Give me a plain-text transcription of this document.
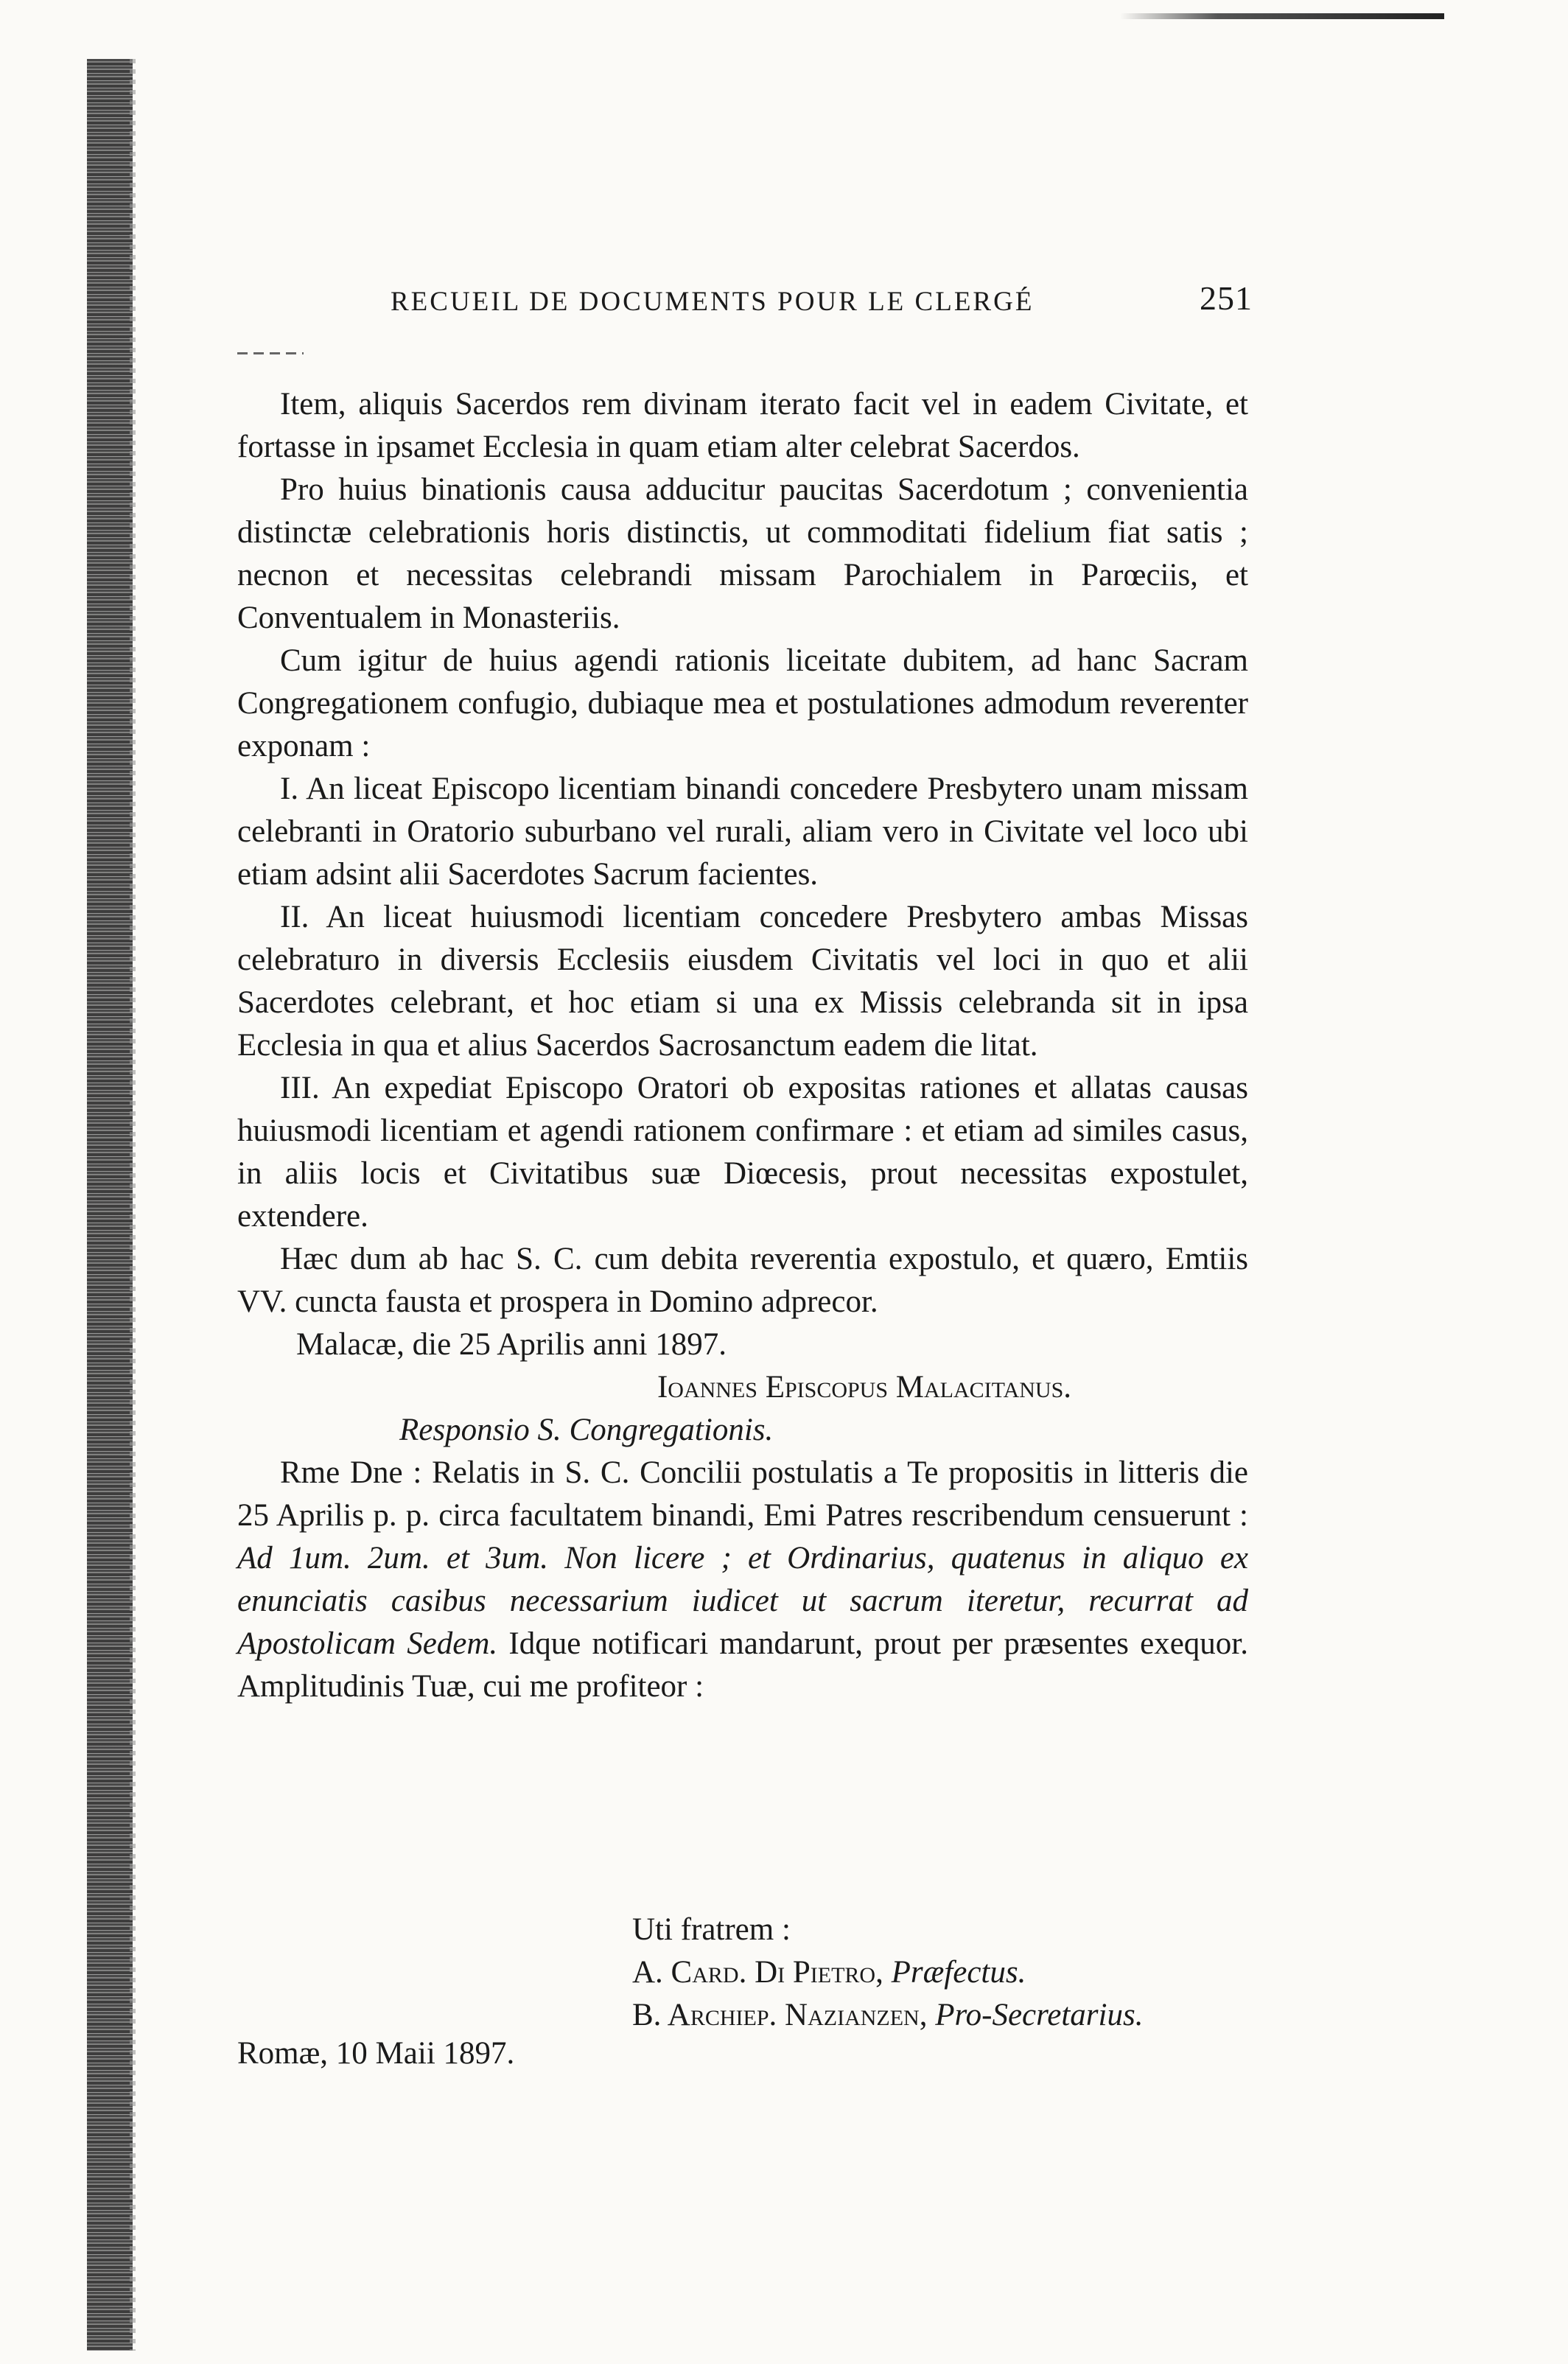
RECUEIL DE DOCUMENTS POUR LE CLERGÉ	251

Item, aliquis Sacerdos rem divinam iterato facit vel in eadem Civitate, et fortasse in ipsamet Ecclesia in quam etiam alter celebrat Sacerdos.

Pro huius binationis causa adducitur paucitas Sacerdotum ; convenientia distinctæ celebrationis horis distinctis, ut commoditati fidelium fiat satis ; necnon et necessitas celebrandi missam Parochialem in Parœciis, et Conventualem in Monasteriis.

Cum igitur de huius agendi rationis liceitate dubitem, ad hanc Sacram Congregationem confugio, dubiaque mea et postulationes admodum reverenter exponam :

I. An liceat Episcopo licentiam binandi concedere Presbytero unam missam celebranti in Oratorio suburbano vel rurali, aliam vero in Civitate vel loco ubi etiam adsint alii Sacerdotes Sacrum facientes.

II. An liceat huiusmodi licentiam concedere Presbytero ambas Missas celebraturo in diversis Ecclesiis eiusdem Civitatis vel loci in quo et alii Sacerdotes celebrant, et hoc etiam si una ex Missis celebranda sit in ipsa Ecclesia in qua et alius Sacerdos Sacrosanctum eadem die litat.

III. An expediat Episcopo Oratori ob expositas rationes et allatas causas huiusmodi licentiam et agendi rationem confirmare : et etiam ad similes casus, in aliis locis et Civitatibus suæ Diœcesis, prout necessitas expostulet, extendere.

Hæc dum ab hac S. C. cum debita reverentia expostulo, et quæro, Emtiis VV. cuncta fausta et prospera in Domino adprecor.

Malacæ, die 25 Aprilis anni 1897.

Ioannes Episcopus Malacitanus.

Responsio S. Congregationis.

Rme Dne : Relatis in S. C. Concilii postulatis a Te propositis in litteris die 25 Aprilis p. p. circa facultatem binandi, Emi Patres rescribendum censuerunt : Ad 1um. 2um. et 3um. Non licere ; et Ordinarius, quatenus in aliquo ex enunciatis casibus necessarium iudicet ut sacrum iteretur, recurrat ad Apostolicam Sedem. Idque notificari mandarunt, prout per præsentes exequor. Amplitudinis Tuæ, cui me profiteor :

Uti fratrem :
A. Card. Di Pietro, Præfectus.
B. Archiep. Nazianzen, Pro-Secretarius.
Romæ, 10 Maii 1897.
